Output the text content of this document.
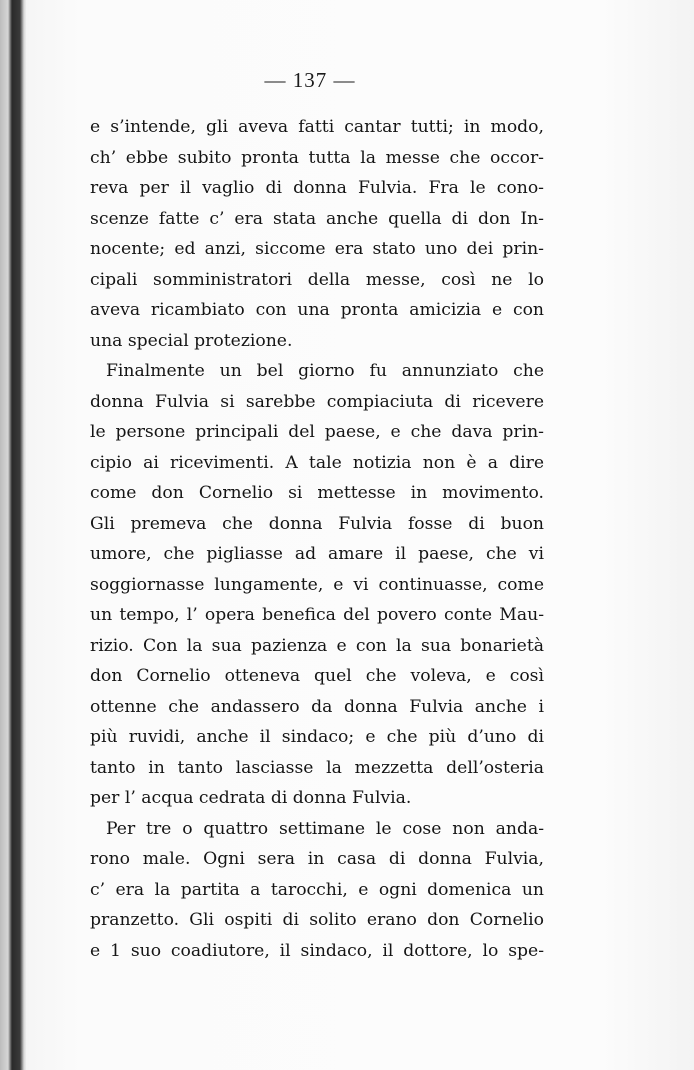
— 137 —
e s’intende, gli aveva fatti cantar tutti; in modo,
ch’ ebbe subito pronta tutta la messe che occor-
reva per il vaglio di donna Fulvia. Fra le cono-
scenze fatte c’ era stata anche quella di don In-
nocente; ed anzi, siccome era stato uno dei prin-
cipali somministratori della messe, così ne lo
aveva ricambiato con una pronta amicizia e con
una special protezione.
Finalmente un bel giorno fu annunziato che
donna Fulvia si sarebbe compiaciuta di ricevere
le persone principali del paese, e che dava prin-
cipio ai ricevimenti. A tale notizia non è a dire
come don Cornelio si mettesse in movimento.
Gli premeva che donna Fulvia fosse di buon
umore, che pigliasse ad amare il paese, che vi
soggiornasse lungamente, e vi continuasse, come
un tempo, l’ opera benefica del povero conte Mau-
rizio. Con la sua pazienza e con la sua bonarietà
don Cornelio otteneva quel che voleva, e così
ottenne che andassero da donna Fulvia anche i
più ruvidi, anche il sindaco; e che più d’uno di
tanto in tanto lasciasse la mezzetta dell’osteria
per l’ acqua cedrata di donna Fulvia.
Per tre o quattro settimane le cose non anda-
rono male. Ogni sera in casa di donna Fulvia,
c’ era la partita a tarocchi, e ogni domenica un
pranzetto. Gli ospiti di solito erano don Cornelio
e 1 suo coadiutore, il sindaco, il dottore, lo spe-
